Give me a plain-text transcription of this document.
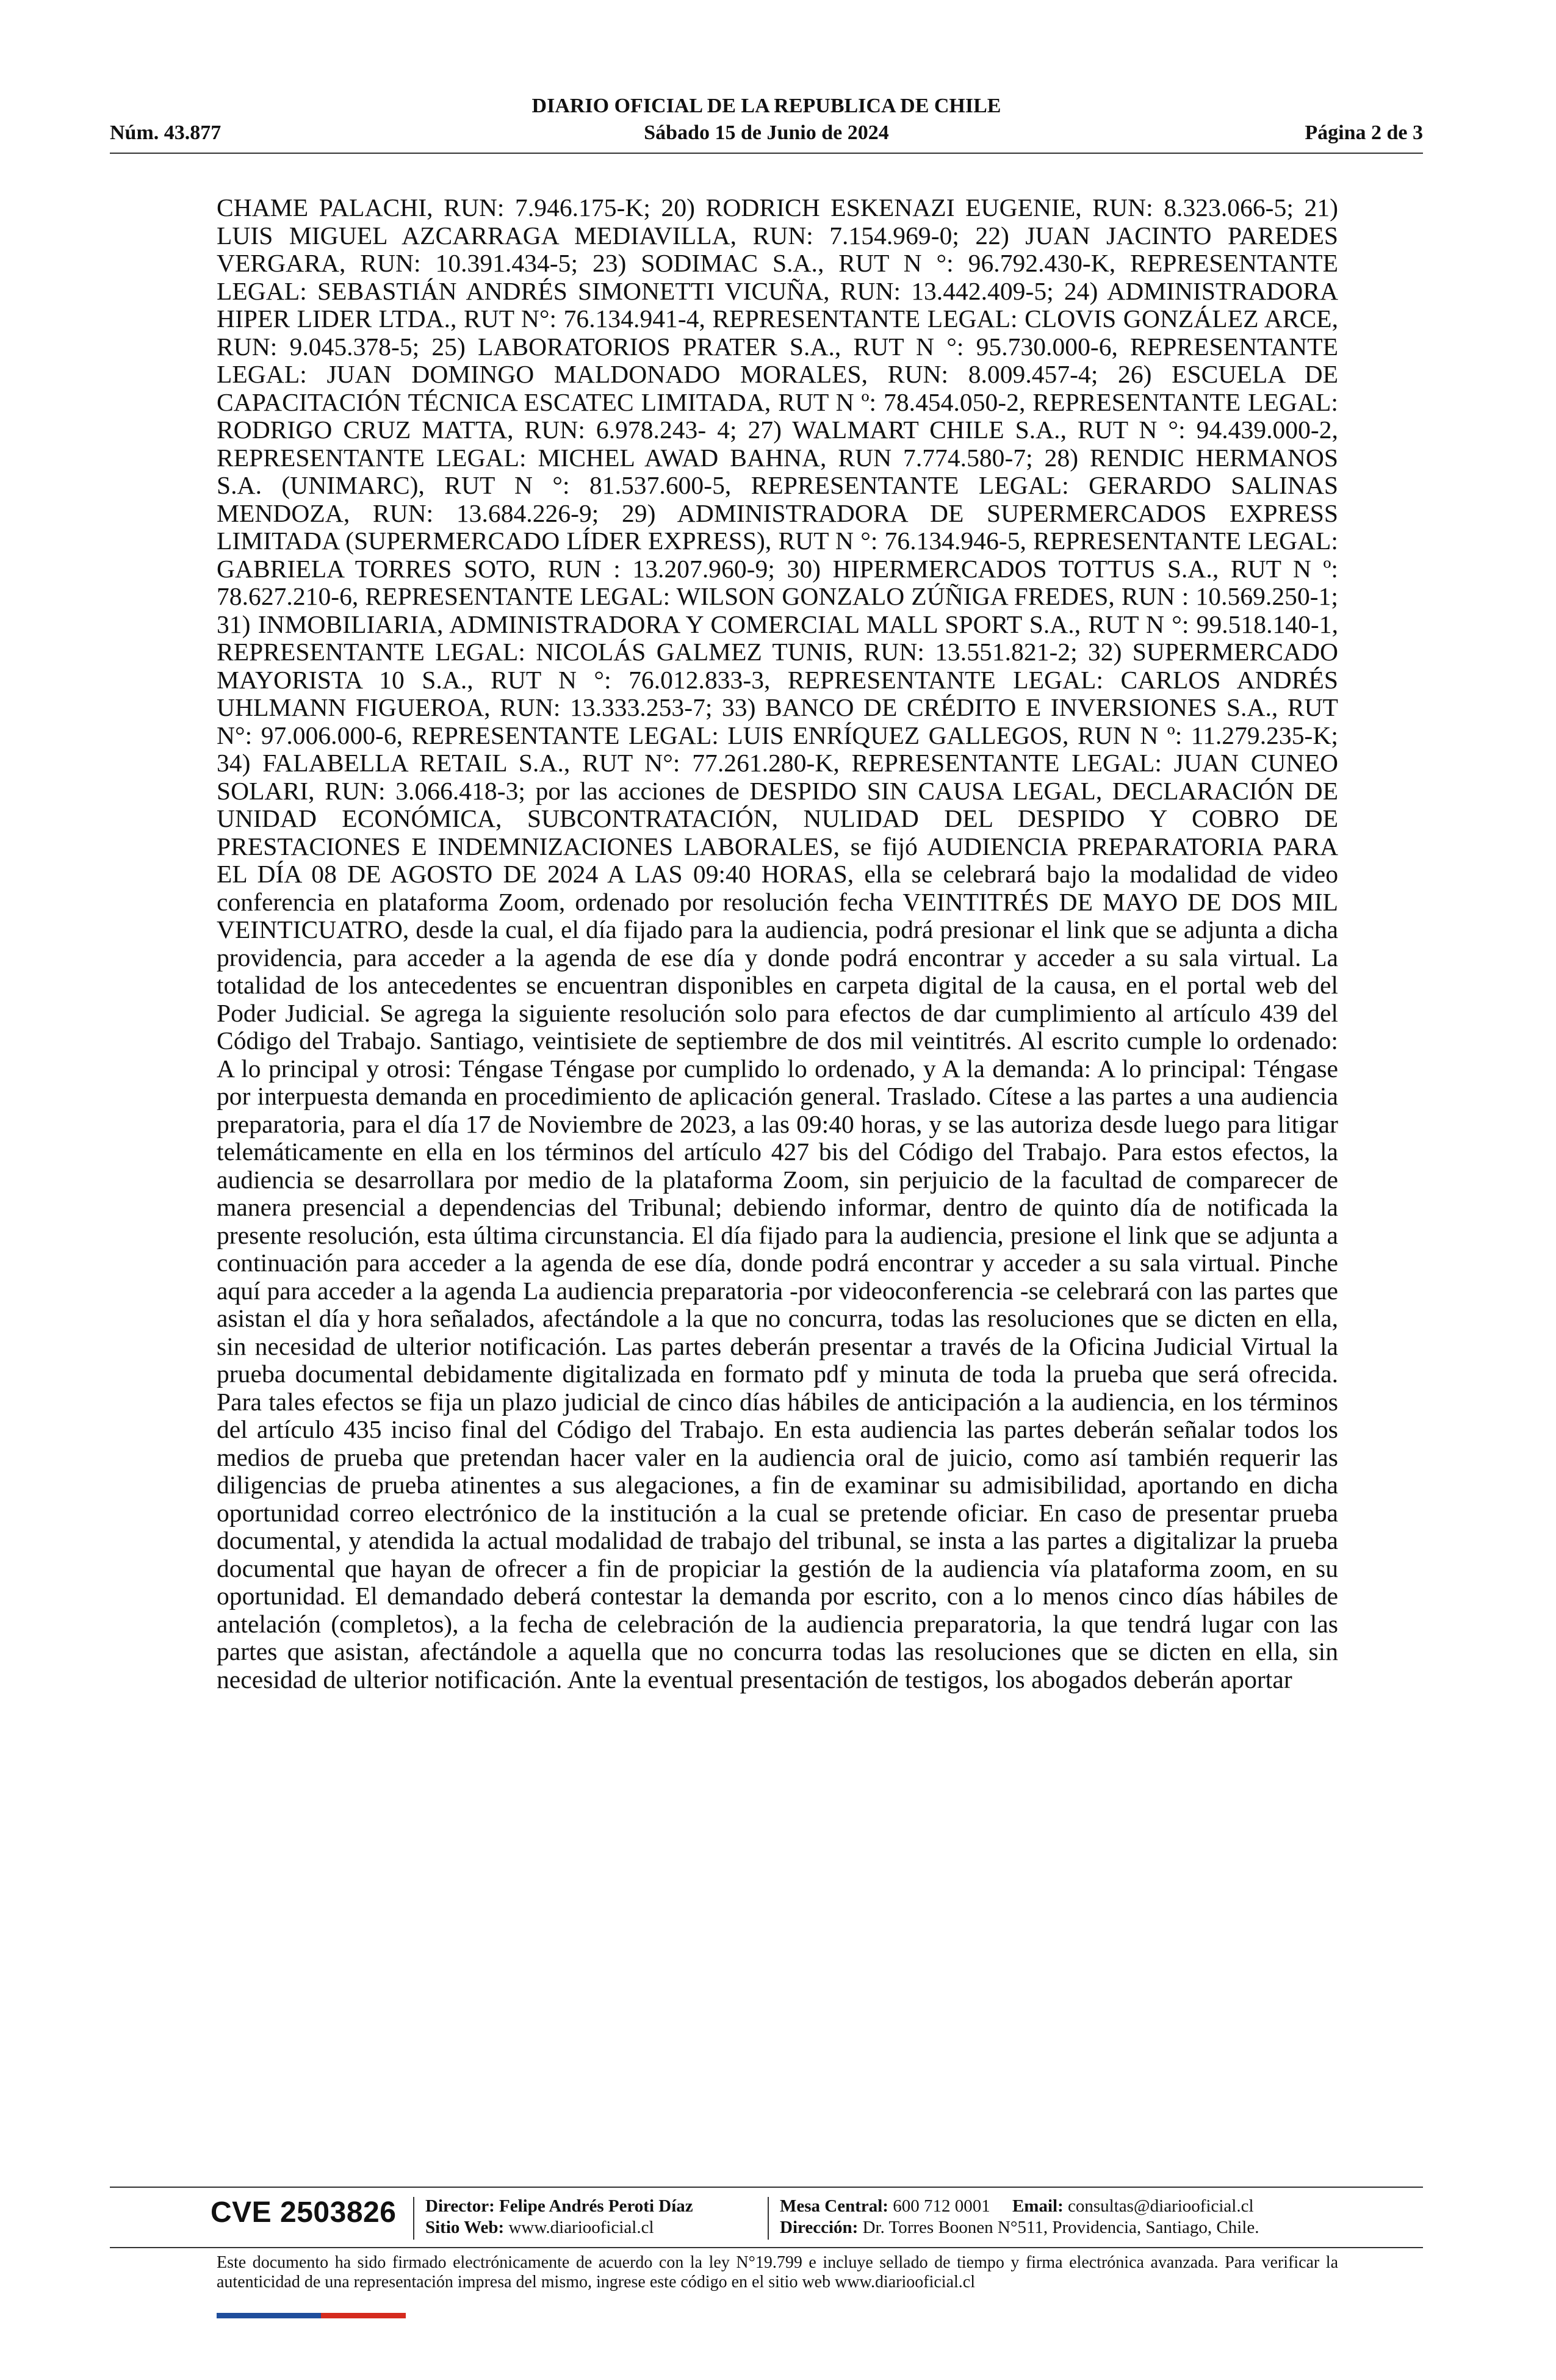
DIARIO OFICIAL DE LA REPUBLICA DE CHILE
Núm. 43.877	Sábado 15 de Junio de 2024	Página 2 de 3
CHAME PALACHI, RUN: 7.946.175-K; 20) RODRICH ESKENAZI EUGENIE, RUN: 8.323.066-5; 21) LUIS MIGUEL AZCARRAGA MEDIAVILLA, RUN: 7.154.969-0; 22) JUAN JACINTO PAREDES VERGARA, RUN: 10.391.434-5; 23) SODIMAC S.A., RUT N °: 96.792.430-K, REPRESENTANTE LEGAL: SEBASTIÁN ANDRÉS SIMONETTI VICUÑA, RUN: 13.442.409-5; 24) ADMINISTRADORA HIPER LIDER LTDA., RUT N°: 76.134.941-4, REPRESENTANTE LEGAL: CLOVIS GONZÁLEZ ARCE, RUN: 9.045.378-5; 25) LABORATORIOS PRATER S.A., RUT N °: 95.730.000-6, REPRESENTANTE LEGAL: JUAN DOMINGO MALDONADO MORALES, RUN: 8.009.457-4; 26) ESCUELA DE CAPACITACIÓN TÉCNICA ESCATEC LIMITADA, RUT N º: 78.454.050-2, REPRESENTANTE LEGAL: RODRIGO CRUZ MATTA, RUN: 6.978.243- 4; 27) WALMART CHILE S.A., RUT N °: 94.439.000-2, REPRESENTANTE LEGAL: MICHEL AWAD BAHNA, RUN 7.774.580-7; 28) RENDIC HERMANOS S.A. (UNIMARC), RUT N °: 81.537.600-5, REPRESENTANTE LEGAL: GERARDO SALINAS MENDOZA, RUN: 13.684.226-9; 29) ADMINISTRADORA DE SUPERMERCADOS EXPRESS LIMITADA (SUPERMERCADO LÍDER EXPRESS), RUT N °: 76.134.946-5, REPRESENTANTE LEGAL: GABRIELA TORRES SOTO, RUN : 13.207.960-9; 30) HIPERMERCADOS TOTTUS S.A., RUT N º: 78.627.210-6, REPRESENTANTE LEGAL: WILSON GONZALO ZÚÑIGA FREDES, RUN : 10.569.250-1; 31) INMOBILIARIA, ADMINISTRADORA Y COMERCIAL MALL SPORT S.A., RUT N °: 99.518.140-1, REPRESENTANTE LEGAL: NICOLÁS GALMEZ TUNIS, RUN: 13.551.821-2; 32) SUPERMERCADO MAYORISTA 10 S.A., RUT N °: 76.012.833-3, REPRESENTANTE LEGAL: CARLOS ANDRÉS UHLMANN FIGUEROA, RUN: 13.333.253-7; 33) BANCO DE CRÉDITO E INVERSIONES S.A., RUT N°: 97.006.000-6, REPRESENTANTE LEGAL: LUIS ENRÍQUEZ GALLEGOS, RUN N º: 11.279.235-K; 34) FALABELLA RETAIL S.A., RUT N°: 77.261.280-K, REPRESENTANTE LEGAL: JUAN CUNEO SOLARI, RUN: 3.066.418-3; por las acciones de DESPIDO SIN CAUSA LEGAL, DECLARACIÓN DE UNIDAD ECONÓMICA, SUBCONTRATACIÓN, NULIDAD DEL DESPIDO Y COBRO DE PRESTACIONES E INDEMNIZACIONES LABORALES, se fijó AUDIENCIA PREPARATORIA PARA EL DÍA 08 DE AGOSTO DE 2024 A LAS 09:40 HORAS, ella se celebrará bajo la modalidad de video conferencia en plataforma Zoom, ordenado por resolución fecha VEINTITRÉS DE MAYO DE DOS MIL VEINTICUATRO, desde la cual, el día fijado para la audiencia, podrá presionar el link que se adjunta a dicha providencia, para acceder a la agenda de ese día y donde podrá encontrar y acceder a su sala virtual. La totalidad de los antecedentes se encuentran disponibles en carpeta digital de la causa, en el portal web del Poder Judicial. Se agrega la siguiente resolución solo para efectos de dar cumplimiento al artículo 439 del Código del Trabajo. Santiago, veintisiete de septiembre de dos mil veintitrés. Al escrito cumple lo ordenado: A lo principal y otrosi: Téngase Téngase por cumplido lo ordenado, y A la demanda: A lo principal: Téngase por interpuesta demanda en procedimiento de aplicación general. Traslado. Cítese a las partes a una audiencia preparatoria, para el día 17 de Noviembre de 2023, a las 09:40 horas, y se las autoriza desde luego para litigar telemáticamente en ella en los términos del artículo 427 bis del Código del Trabajo. Para estos efectos, la audiencia se desarrollara por medio de la plataforma Zoom, sin perjuicio de la facultad de comparecer de manera presencial a dependencias del Tribunal; debiendo informar, dentro de quinto día de notificada la presente resolución, esta última circunstancia. El día fijado para la audiencia, presione el link que se adjunta a continuación para acceder a la agenda de ese día, donde podrá encontrar y acceder a su sala virtual. Pinche aquí para acceder a la agenda La audiencia preparatoria -por videoconferencia -se celebrará con las partes que asistan el día y hora señalados, afectándole a la que no concurra, todas las resoluciones que se dicten en ella, sin necesidad de ulterior notificación. Las partes deberán presentar a través de la Oficina Judicial Virtual la prueba documental debidamente digitalizada en formato pdf y minuta de toda la prueba que será ofrecida. Para tales efectos se fija un plazo judicial de cinco días hábiles de anticipación a la audiencia, en los términos del artículo 435 inciso final del Código del Trabajo. En esta audiencia las partes deberán señalar todos los medios de prueba que pretendan hacer valer en la audiencia oral de juicio, como así también requerir las diligencias de prueba atinentes a sus alegaciones, a fin de examinar su admisibilidad, aportando en dicha oportunidad correo electrónico de la institución a la cual se pretende oficiar. En caso de presentar prueba documental, y atendida la actual modalidad de trabajo del tribunal, se insta a las partes a digitalizar la prueba documental que hayan de ofrecer a fin de propiciar la gestión de la audiencia vía plataforma zoom, en su oportunidad. El demandado deberá contestar la demanda por escrito, con a lo menos cinco días hábiles de antelación (completos), a la fecha de celebración de la audiencia preparatoria, la que tendrá lugar con las partes que asistan, afectándole a aquella que no concurra todas las resoluciones que se dicten en ella, sin necesidad de ulterior notificación. Ante la eventual presentación de testigos, los abogados deberán aportar
CVE 2503826 Director: Felipe Andrés Peroti Díaz
Sitio Web: www.diariooficial.cl
Mesa Central: 600 712 0001 Email: consultas@diariooficial.cl
Dirección: Dr. Torres Boonen N°511, Providencia, Santiago, Chile.
Este documento ha sido firmado electrónicamente de acuerdo con la ley N°19.799 e incluye sellado de tiempo y firma electrónica avanzada. Para verificar la autenticidad de una representación impresa del mismo, ingrese este código en el sitio web www.diariooficial.cl
